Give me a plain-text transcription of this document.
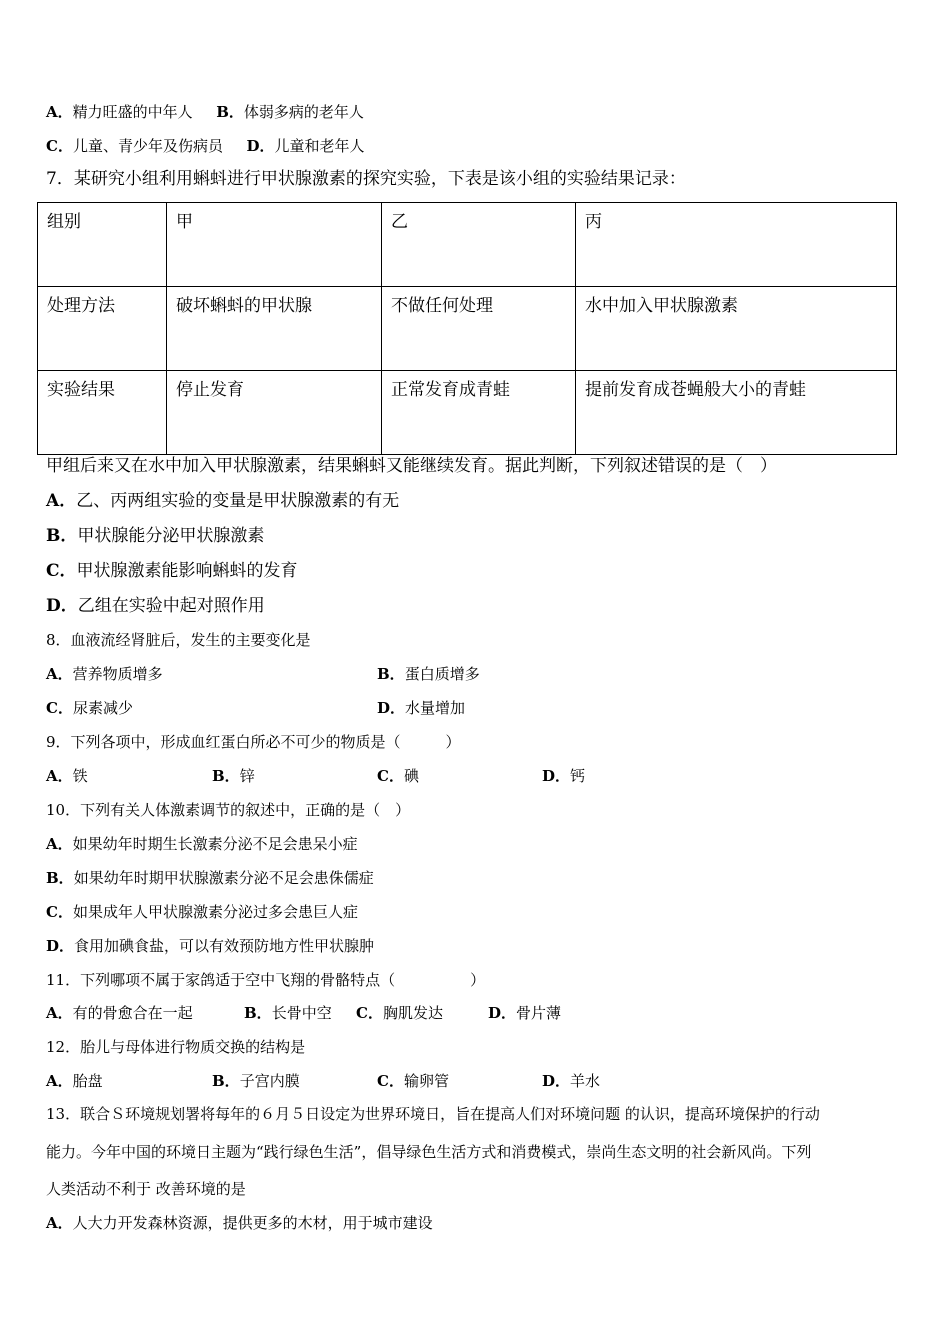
A．精力旺盛的中年人 B．体弱多病的老年人
C．儿童、青少年及伤病员 D．儿童和老年人
7．某研究小组利用蝌蚪进行甲状腺激素的探究实验，下表是该小组的实验结果记录：
组别	甲	乙	丙
处理方法	破坏蝌蚪的甲状腺	不做任何处理	水中加入甲状腺激素
实验结果	停止发育	正常发育成青蛙	提前发育成苍蝇般大小的青蛙
甲组后来又在水中加入甲状腺激素，结果蝌蚪又能继续发育。据此判断，下列叙述错误的是（　）
A．乙、丙两组实验的变量是甲状腺激素的有无
B．甲状腺能分泌甲状腺激素
C．甲状腺激素能影响蝌蚪的发育
D．乙组在实验中起对照作用
8．血液流经肾脏后，发生的主要变化是
A．营养物质增多	B．蛋白质增多
C．尿素减少	D．水量增加
9．下列各项中，形成血红蛋白所必不可少的物质是（　　　）
A．铁	B．锌	C．碘	D．钙
10．下列有关人体激素调节的叙述中，正确的是（　）
A．如果幼年时期生长激素分泌不足会患呆小症
B．如果幼年时期甲状腺激素分泌不足会患侏儒症
C．如果成年人甲状腺激素分泌过多会患巨人症
D．食用加碘食盐，可以有效预防地方性甲状腺肿
11．下列哪项不属于家鸽适于空中飞翔的骨骼特点（　　　　　）
A．有的骨愈合在一起	B．长骨中空 C．胸肌发达	D．骨片薄
12．胎儿与母体进行物质交换的结构是
A．胎盘	B．子宫内膜	C．输卵管	D．羊水
13．联合Ｓ环境规划署将每年的６月５日设定为世界环境日，旨在提高人们对环境问题 的认识，提高环境保护的行动
能力。今年中国的环境日主题为“践行绿色生活”，倡导绿色生活方式和消费模式，崇尚生态文明的社会新风尚。下列
人类活动不利于 改善环境的是
A．人大力开发森林资源，提供更多的木材，用于城市建设
